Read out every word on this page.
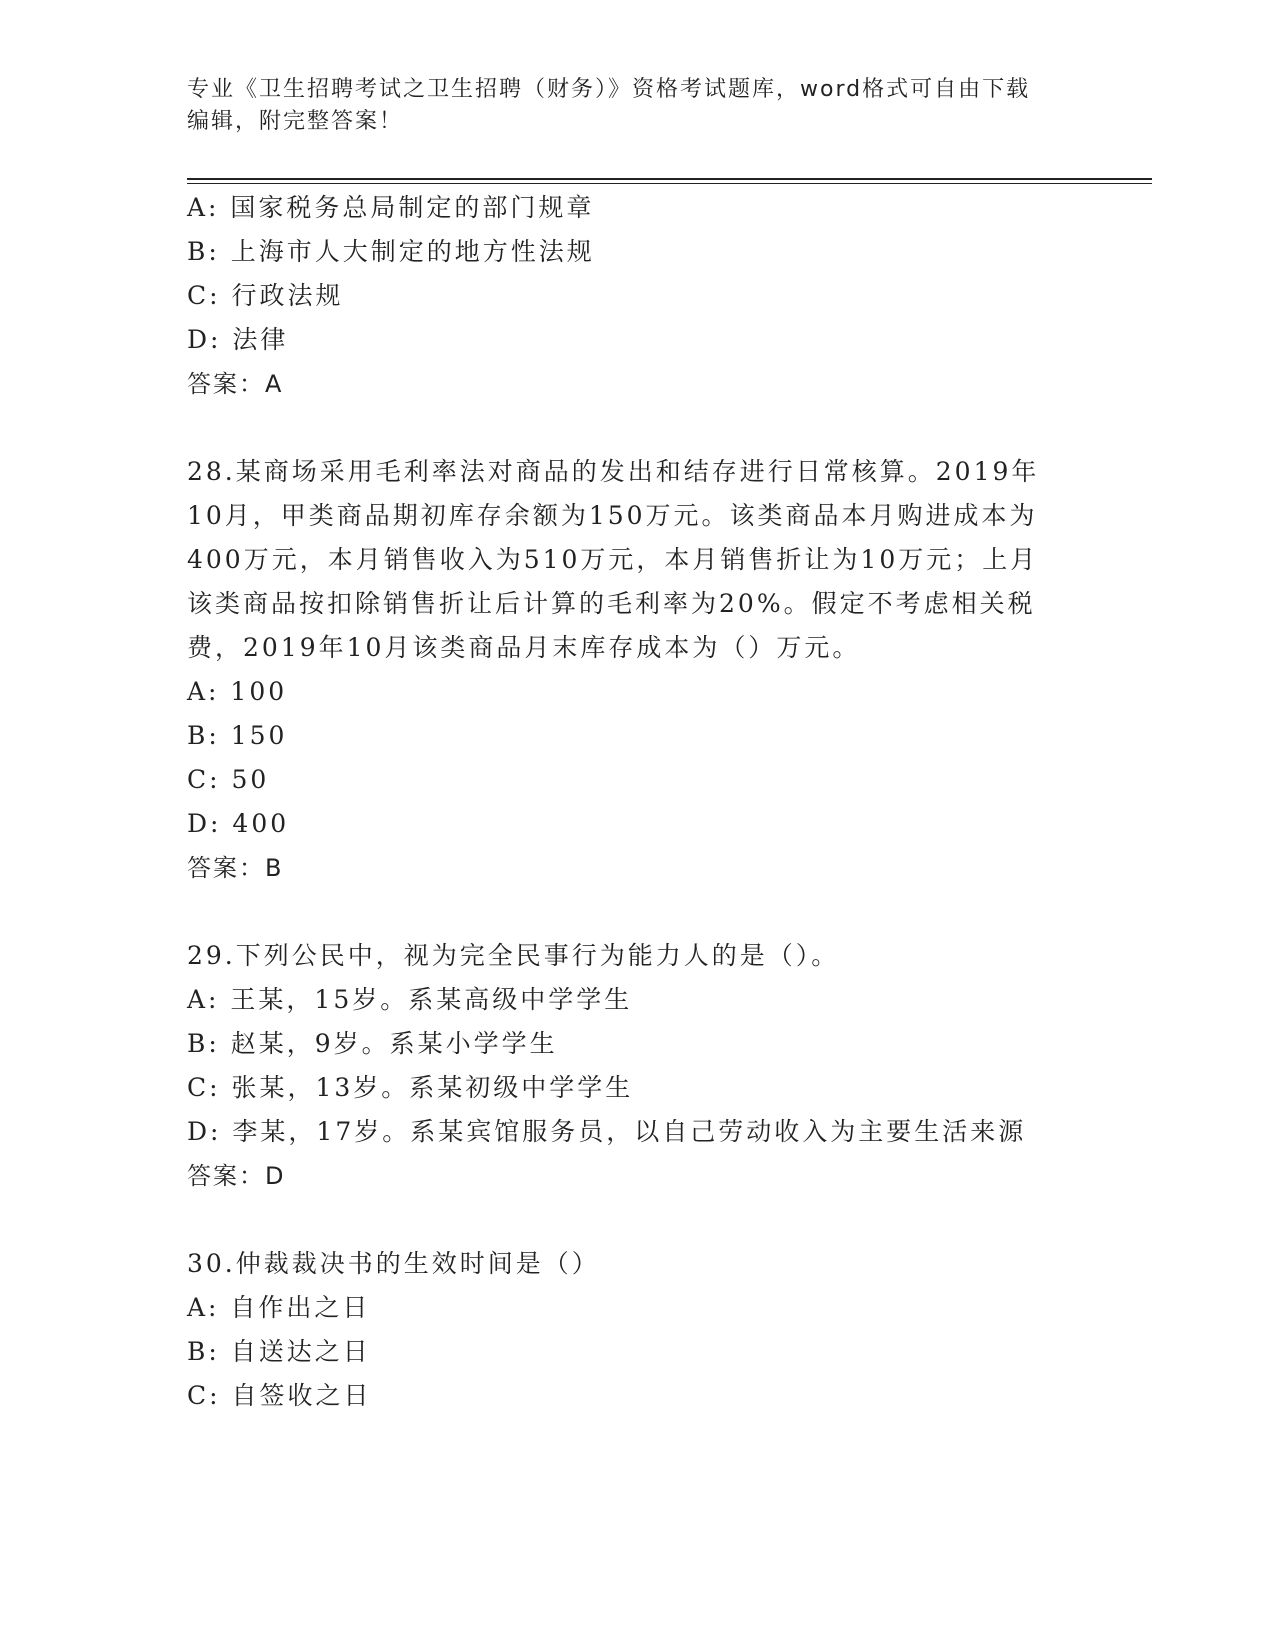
专业《卫生招聘考试之卫生招聘（财务）》资格考试题库，word格式可自由下载
编辑，附完整答案！
A: 国家税务总局制定的部门规章
B: 上海市人大制定的地方性法规
C: 行政法规
D: 法律
答案：A
28.某商场采用毛利率法对商品的发出和结存进行日常核算。2019年
10月，甲类商品期初库存余额为150万元。该类商品本月购进成本为
400万元，本月销售收入为510万元，本月销售折让为10万元；上月
该类商品按扣除销售折让后计算的毛利率为20%。假定不考虑相关税
费，2019年10月该类商品月末库存成本为（）万元。
A: 100
B: 150
C: 50
D: 400
答案：B
29.下列公民中，视为完全民事行为能力人的是（）。
A: 王某，15岁。系某高级中学学生
B: 赵某，9岁。系某小学学生
C: 张某，13岁。系某初级中学学生
D: 李某，17岁。系某宾馆服务员，以自己劳动收入为主要生活来源
答案：D
30.仲裁裁决书的生效时间是（）
A: 自作出之日
B: 自送达之日
C: 自签收之日
